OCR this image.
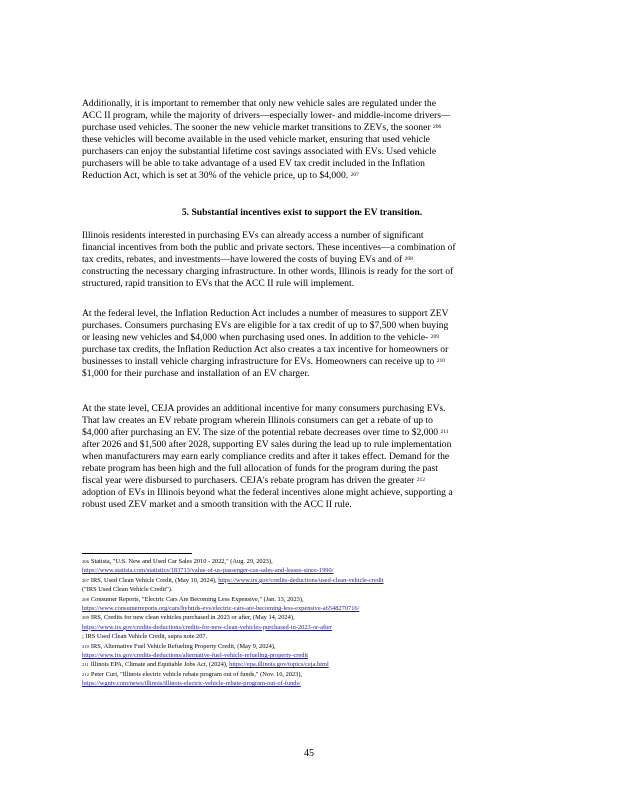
Additionally, it is important to remember that only new vehicle sales are regulated under the
ACC II program, while the majority of drivers—especially lower- and middle-income drivers—
purchase used vehicles. The sooner the new vehicle market transitions to ZEVs, the sooner $^{206}$
these vehicles will become available in the used vehicle market, ensuring that used vehicle
purchasers can enjoy the substantial lifetime cost savings associated with EVs. Used vehicle
purchasers will be able to take advantage of a used EV tax credit included in the Inflation
Reduction Act, which is set at 30% of the vehicle price, up to $4,000. $^{207}$

5. Substantial incentives exist to support the EV transition.

Illinois residents interested in purchasing EVs can already access a number of significant
financial incentives from both the public and private sectors. These incentives—a combination of
tax credits, rebates, and investments—have lowered the costs of buying EVs and of $^{208}$
constructing the necessary charging infrastructure. In other words, Illinois is ready for the sort of
structured, rapid transition to EVs that the ACC II rule will implement.

At the federal level, the Inflation Reduction Act includes a number of measures to support ZEV
purchases. Consumers purchasing EVs are eligible for a tax credit of up to $7,500 when buying
or leasing new vehicles and $4,000 when purchasing used ones. In addition to the vehicle- $^{209}$
purchase tax credits, the Inflation Reduction Act also creates a tax incentive for homeowners or
businesses to install vehicle charging infrastructure for EVs. Homeowners can receive up to $^{210}$
$1,000 for their purchase and installation of an EV charger.

At the state level, CEJA provides an additional incentive for many consumers purchasing EVs.
That law creates an EV rebate program wherein Illinois consumers can get a rebate of up to
$4,000 after purchasing an EV. The size of the potential rebate decreases over time to $2,000 $^{211}$
after 2026 and $1,500 after 2028, supporting EV sales during the lead up to rule implementation
when manufacturers may earn early compliance credits and after it takes effect. Demand for the
rebate program has been high and the full allocation of funds for the program during the past
fiscal year were disbursed to purchasers. CEJA's rebate program has driven the greater $^{212}$
adoption of EVs in Illinois beyond what the federal incentives alone might achieve, supporting a
robust used ZEV market and a smooth transition with the ACC II rule.

$^{206}$ Statista, "U.S. New and Used Car Sales 2010 - 2022," (Aug. 29, 2023),
https://www.statista.com/statistics/183713/value-of-us-passenger-cas-sales-and-leases-since-1990/
$^{207}$ IRS, Used Clean Vehicle Credit, (May 10, 2024), https://www.irs.gov/credits-deductions/used-clean-vehicle-credit
("IRS Used Clean Vehicle Credit").
$^{208}$ Consumer Reports, "Electric Cars Are Becoming Less Expensive," (Jan. 13, 2023),
https://www.consumerreports.org/cars/hybrids-evs/electric-cars-are-becoming-less-expensive-a6548270716/
$^{209}$ IRS, Credits for new clean vehicles purchased in 2023 or after, (May 14, 2024),
https://www.irs.gov/credits-deductions/credits-for-new-clean-vehicles-purchased-in-2023-or-after
; IRS Used Clean Vehicle Credit, supra note 207.
$^{210}$ IRS, Alternative Fuel Vehicle Refueling Property Credit, (May 9, 2024),
https://www.irs.gov/credits-deductions/alternative-fuel-vehicle-refueling-property-credit
$^{211}$ Illinois EPA, Climate and Equitable Jobs Act, (2024), https://epa.illinois.gov/topics/ceja.html
$^{212}$ Peter Curi, "Illinois electric vehicle rebate program out of funds," (Nov. 16, 2023),
https://wgntv.com/news/illinois/illinois-electric-vehicle-rebate-program-out-of-funds/
45
